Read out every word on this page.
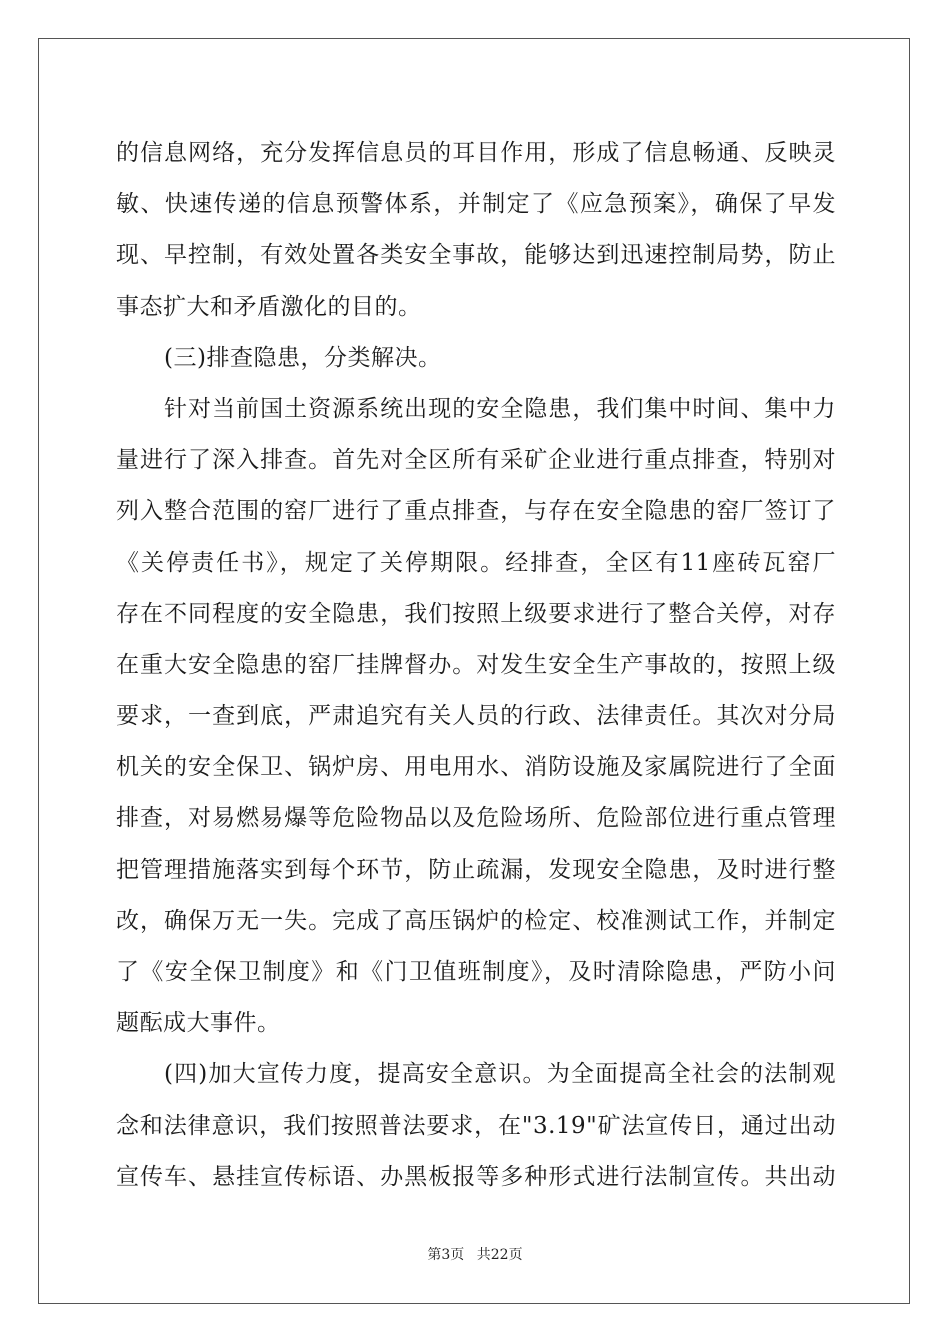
的信息网络，充分发挥信息员的耳目作用，形成了信息畅通、反映灵
敏、快速传递的信息预警体系，并制定了《应急预案》，确保了早发
现、早控制，有效处置各类安全事故，能够达到迅速控制局势，防止
事态扩大和矛盾激化的目的。
(三)排查隐患，分类解决。
针对当前国土资源系统出现的安全隐患，我们集中时间、集中力
量进行了深入排查。首先对全区所有采矿企业进行重点排查，特别对
列入整合范围的窑厂进行了重点排查，与存在安全隐患的窑厂签订了
《关停责任书》，规定了关停期限。经排查，全区有11座砖瓦窑厂
存在不同程度的安全隐患，我们按照上级要求进行了整合关停，对存
在重大安全隐患的窑厂挂牌督办。对发生安全生产事故的，按照上级
要求，一查到底，严肃追究有关人员的行政、法律责任。其次对分局
机关的安全保卫、锅炉房、用电用水、消防设施及家属院进行了全面
排查，对易燃易爆等危险物品以及危险场所、危险部位进行重点管理
把管理措施落实到每个环节，防止疏漏，发现安全隐患，及时进行整
改，确保万无一失。完成了高压锅炉的检定、校准测试工作，并制定
了《安全保卫制度》和《门卫值班制度》，及时清除隐患，严防小问
题酝成大事件。
(四)加大宣传力度，提高安全意识。为全面提高全社会的法制观
念和法律意识，我们按照普法要求，在"3.19"矿法宣传日，通过出动
宣传车、悬挂宣传标语、办黑板报等多种形式进行法制宣传。共出动
第3页 共22页
